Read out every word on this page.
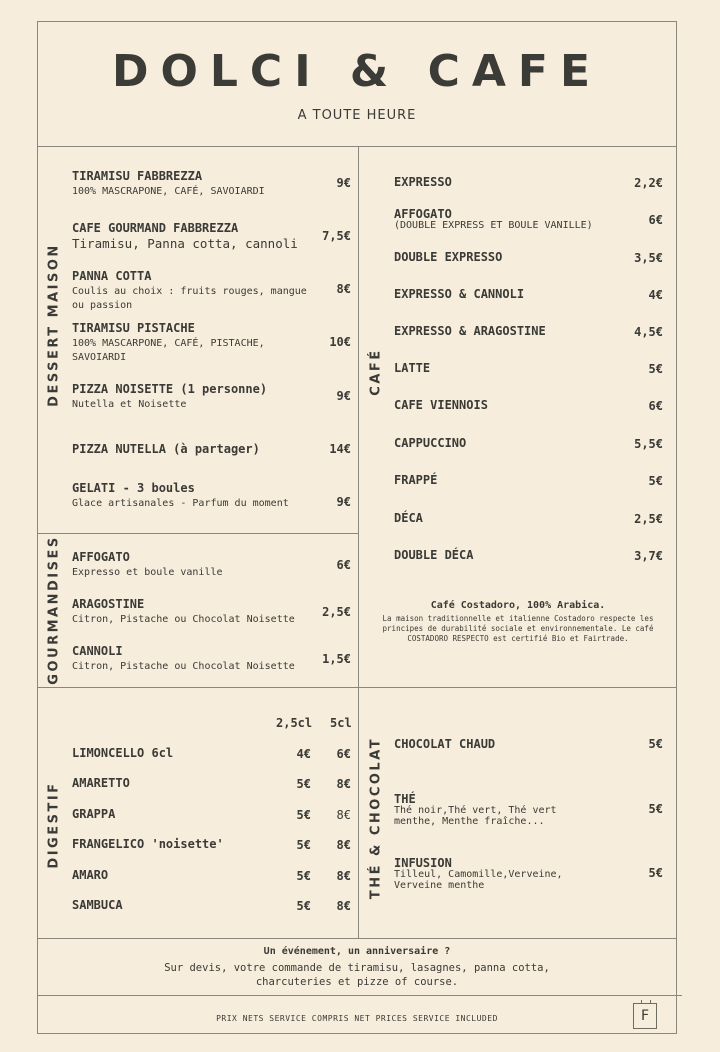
DOLCI & CAFE
A TOUTE HEURE
DESSERT MAISON
GOURMANDISES
CAFÉ
DIGESTIF	THÉ & CHOCOLAT
TIRAMISU FABBREZZA
100% MASCRAPONE, CAFÉ, SAVOIARDI
9€
CAFE GOURMAND FABBREZZA
Tiramisu, Panna cotta, cannoli	7,5€
PANNA COTTA
Coulis au choix : fruits rouges, mangue ou passion
8€
TIRAMISU PISTACHE
100% MASCARPONE, CAFÉ, PISTACHE, SAVOIARDI
10€
PIZZA NOISETTE (1 personne)
Nutella et Noisette
9€
PIZZA NUTELLA (à partager)	14€
GELATI - 3 boules
Glace artisanales - Parfum du moment	9€
AFFOGATO
Expresso et boule vanille
6€
ARAGOSTINE
Citron, Pistache ou Chocolat Noisette
2,5€
CANNOLI
Citron, Pistache ou Chocolat Noisette
1,5€
EXPRESSO	2,2€
AFFOGATO
(DOUBLE EXPRESS ET BOULE VANILLE)	6€
DOUBLE EXPRESSO	3,5€
EXPRESSO & CANNOLI	4€
EXPRESSO & ARAGOSTINE	4,5€
LATTE	5€
CAFE VIENNOIS	6€
CAPPUCCINO	5,5€
FRAPPÉ	5€
DÉCA	2,5€
DOUBLE DÉCA	3,7€
Café Costadoro, 100% Arabica.
La maison traditionnelle et italienne Costadoro respecte les principes de durabilité sociale et environnementale. Le café COSTADORO RESPECTO est certifié Bio et Fairtrade.
2,5cl 5cl
LIMONCELLO 6cl	4€ 6€
AMARETTO	5€ 8€
GRAPPA	5€ 8€
FRANGELICO 'noisette'	5€ 8€
AMARO	5€ 8€
SAMBUCA	5€ 8€
CHOCOLAT CHAUD	5€
THÉ
Thé noir,Thé vert, Thé vert menthe, Menthe fraîche...
5€
INFUSION
Tilleul, Camomille,Verveine, Verveine menthe
5€
Un événement, un anniversaire ?
Sur devis, votre commande de tiramisu, lasagnes, panna cotta, charcuteries et pizze of course.
PRIX NETS SERVICE COMPRIS NET PRICES SERVICE INCLUDED	F
